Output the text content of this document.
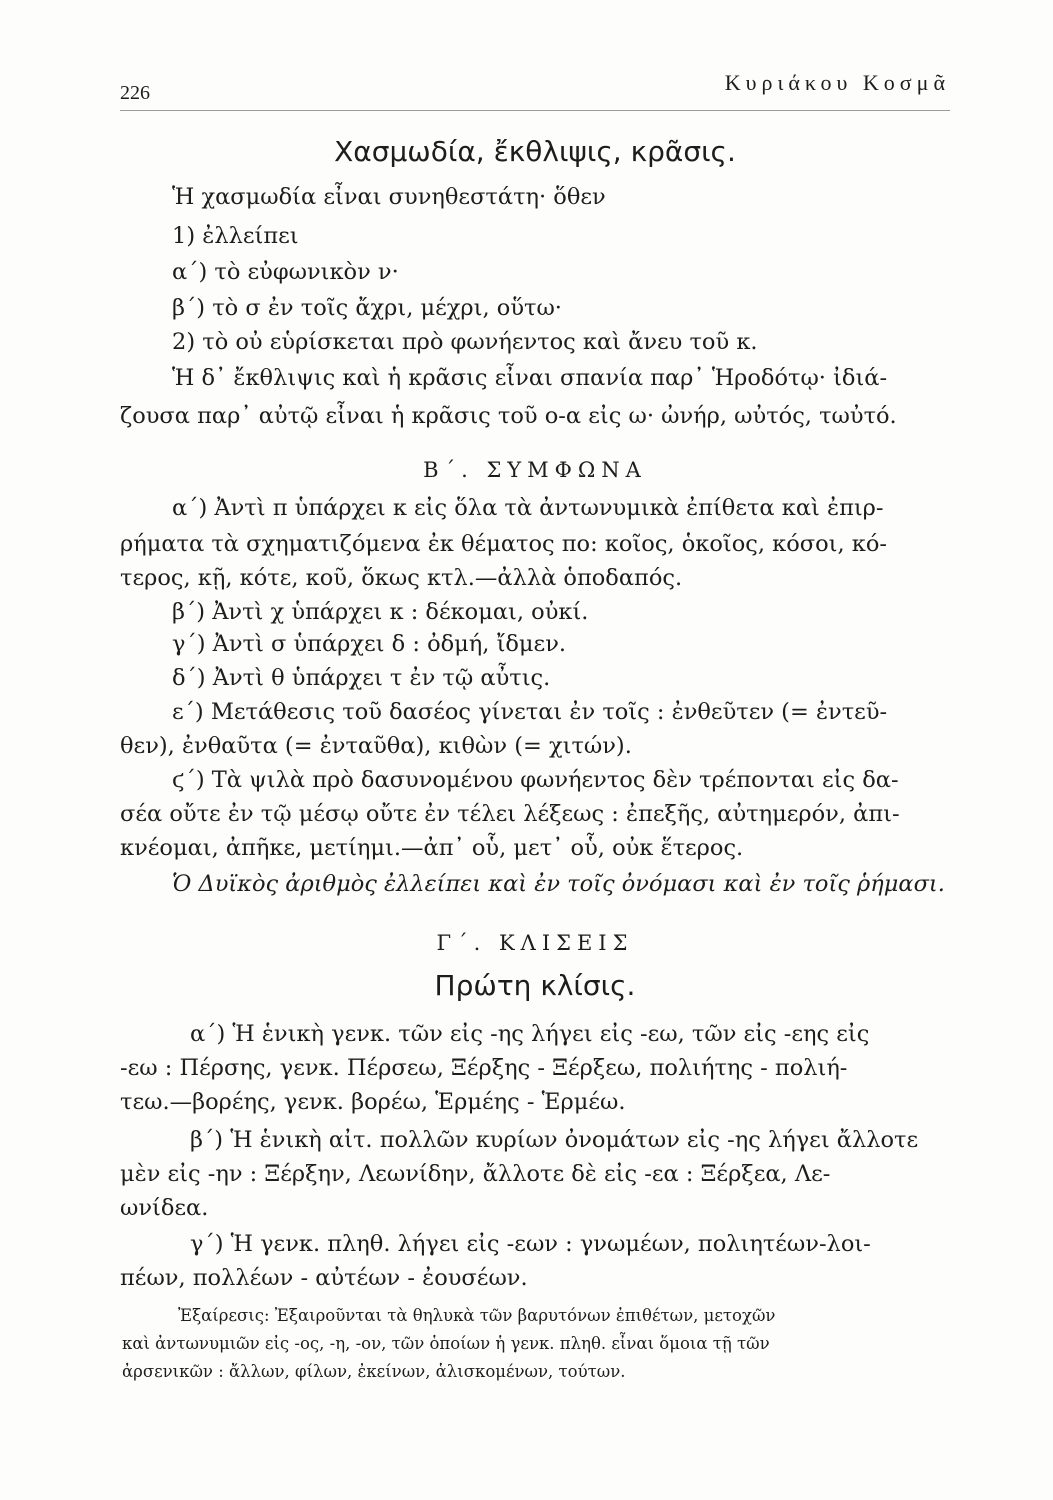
226	Κυριάκου Κοσμᾶ
Χασμωδία, ἔκθλιψις, κρᾶσις.
Ἡ χασμωδία εἶναι συνηθεστάτη· ὅθεν
1) ἐλλείπει
α΄) τὸ εὐφωνικὸν ν·
β΄) τὸ σ ἐν τοῖς ἄχρι, μέχρι, οὕτω·
2) τὸ οὐ εὑρίσκεται πρὸ φωνήεντος καὶ ἄνευ τοῦ κ.
Ἡ δ᾿ ἔκθλιψις καὶ ἡ κρᾶσις εἶναι σπανία παρ᾿ Ἡροδότῳ· ἰδιά-
ζουσα παρ᾿ αὐτῷ εἶναι ἡ κρᾶσις τοῦ ο-α εἰς ω· ὠνήρ, ωὐτός, τωὐτό.
Β΄. ΣΥΜΦΩΝΑ
α΄) Ἀντὶ π ὑπάρχει κ εἰς ὅλα τὰ ἀντωνυμικὰ ἐπίθετα καὶ ἐπιρ-
ρήματα τὰ σχηματιζόμενα ἐκ θέματος πο: κοῖος, ὁκοῖος, κόσοι, κό-
τερος, κῇ, κότε, κοῦ, ὅκως κτλ.—ἀλλὰ ὁποδαπός.
β΄) Ἀντὶ χ ὑπάρχει κ : δέκομαι, οὐκί.
γ΄) Ἀντὶ σ ὑπάρχει δ : ὀδμή, ἴδμεν.
δ΄) Ἀντὶ θ ὑπάρχει τ ἐν τῷ αὖτις.
ε΄) Μετάθεσις τοῦ δασέος γίνεται ἐν τοῖς : ἐνθεῦτεν (= ἐντεῦ-
θεν), ἐνθαῦτα (= ἐνταῦθα), κιθὼν (= χιτών).
ϛ΄) Τὰ ψιλὰ πρὸ δασυνομένου φωνήεντος δὲν τρέπονται εἰς δα-
σέα οὔτε ἐν τῷ μέσῳ οὔτε ἐν τέλει λέξεως : ἐπεξῆς, αὐτημερόν, ἀπι-
κνέομαι, ἀπῆκε, μετίημι.—ἀπ᾿ οὗ, μετ᾿ οὗ, οὐκ ἕτερος.
Ὁ Δυϊκὸς ἀριθμὸς ἐλλείπει καὶ ἐν τοῖς ὀνόμασι καὶ ἐν τοῖς ῥήμασι.
Γ΄. ΚΛΙΣΕΙΣ
Πρώτη κλίσις.
α΄) Ἡ ἑνικὴ γενκ. τῶν εἰς -ης λήγει εἰς -εω, τῶν εἰς -εης εἰς
-εω : Πέρσης, γενκ. Πέρσεω, Ξέρξης - Ξέρξεω, πολιήτης - πολιή-
τεω.—βορέης, γενκ. βορέω, Ἑρμέης - Ἑρμέω.
β΄) Ἡ ἑνικὴ αἰτ. πολλῶν κυρίων ὀνομάτων εἰς -ης λήγει ἄλλοτε
μὲν εἰς -ην : Ξέρξην, Λεωνίδην, ἄλλοτε δὲ εἰς -εα : Ξέρξεα, Λε-
ωνίδεα.
γ΄) Ἡ γενκ. πληθ. λήγει εἰς -εων : γνωμέων, πολιητέων-λοι-
πέων, πολλέων - αὐτέων - ἐουσέων.
Ἐξαίρεσις: Ἐξαιροῦνται τὰ θηλυκὰ τῶν βαρυτόνων ἐπιθέτων, μετοχῶν
καὶ ἀντωνυμιῶν εἰς -ος, -η, -ον, τῶν ὁποίων ἡ γενκ. πληθ. εἶναι ὅμοια τῇ τῶν
ἀρσενικῶν : ἄλλων, φίλων, ἐκείνων, ἁλισκομένων, τούτων.
